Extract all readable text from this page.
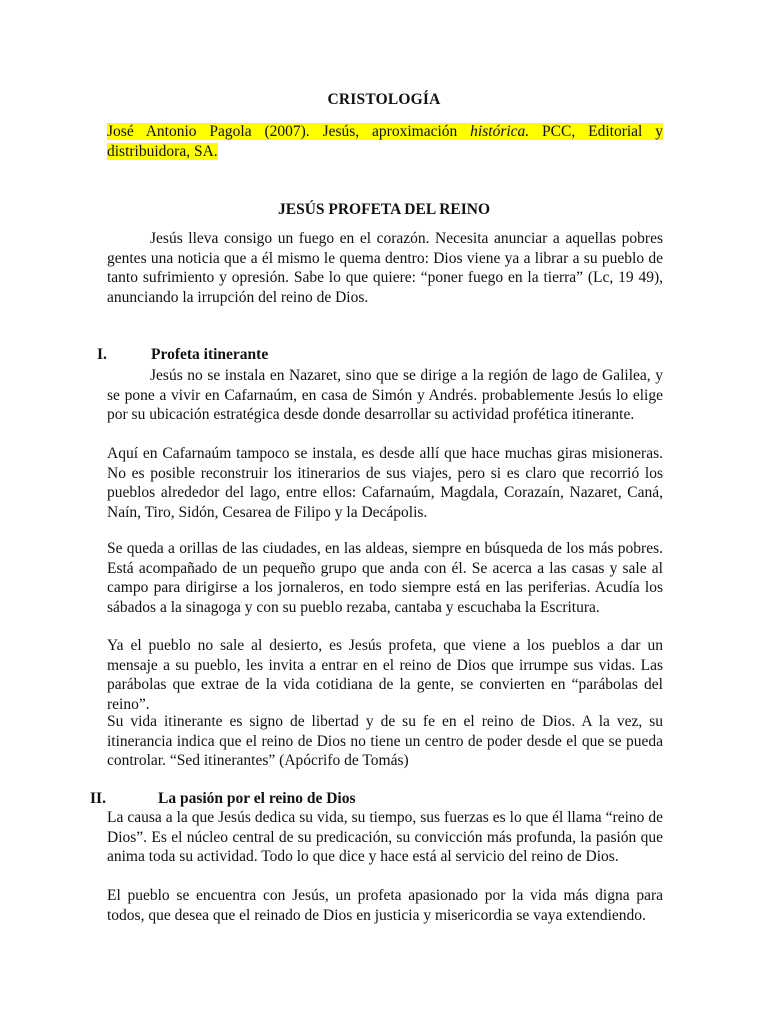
CRISTOLOGÍA
José Antonio Pagola (2007). Jesús, aproximación histórica. PCC, Editorial y distribuidora, SA.
JESÚS PROFETA DEL REINO
Jesús lleva consigo un fuego en el corazón. Necesita anunciar a aquellas pobres gentes una noticia que a él mismo le quema dentro: Dios viene ya a librar a su pueblo de tanto sufrimiento y opresión. Sabe lo que quiere: “poner fuego en la tierra” (Lc, 19 49), anunciando la irrupción del reino de Dios.
I.	Profeta itinerante
Jesús no se instala en Nazaret, sino que se dirige a la región de lago de Galilea, y se pone a vivir en Cafarnaúm, en casa de Simón y Andrés. probablemente Jesús lo elige por su ubicación estratégica desde donde desarrollar su actividad profética itinerante.
Aquí en Cafarnaúm tampoco se instala, es desde allí que hace muchas giras misioneras. No es posible reconstruir los itinerarios de sus viajes, pero si es claro que recorrió los pueblos alrededor del lago, entre ellos: Cafarnaúm, Magdala, Corazaín, Nazaret, Caná, Naín, Tiro, Sidón, Cesarea de Filipo y la Decápolis.
Se queda a orillas de las ciudades, en las aldeas, siempre en búsqueda de los más pobres. Está acompañado de un pequeño grupo que anda con él. Se acerca a las casas y sale al campo para dirigirse a los jornaleros, en todo siempre está en las periferias. Acudía los sábados a la sinagoga y con su pueblo rezaba, cantaba y escuchaba la Escritura.
Ya el pueblo no sale al desierto, es Jesús profeta, que viene a los pueblos a dar un mensaje a su pueblo, les invita a entrar en el reino de Dios que irrumpe sus vidas. Las parábolas que extrae de la vida cotidiana de la gente, se convierten en “parábolas del reino”.
Su vida itinerante es signo de libertad y de su fe en el reino de Dios. A la vez, su itinerancia indica que el reino de Dios no tiene un centro de poder desde el que se pueda controlar. “Sed itinerantes” (Apócrifo de Tomás)
II.	La pasión por el reino de Dios
La causa a la que Jesús dedica su vida, su tiempo, sus fuerzas es lo que él llama “reino de Dios”. Es el núcleo central de su predicación, su convicción más profunda, la pasión que anima toda su actividad. Todo lo que dice y hace está al servicio del reino de Dios.
El pueblo se encuentra con Jesús, un profeta apasionado por la vida más digna para todos, que desea que el reinado de Dios en justicia y misericordia se vaya extendiendo.
